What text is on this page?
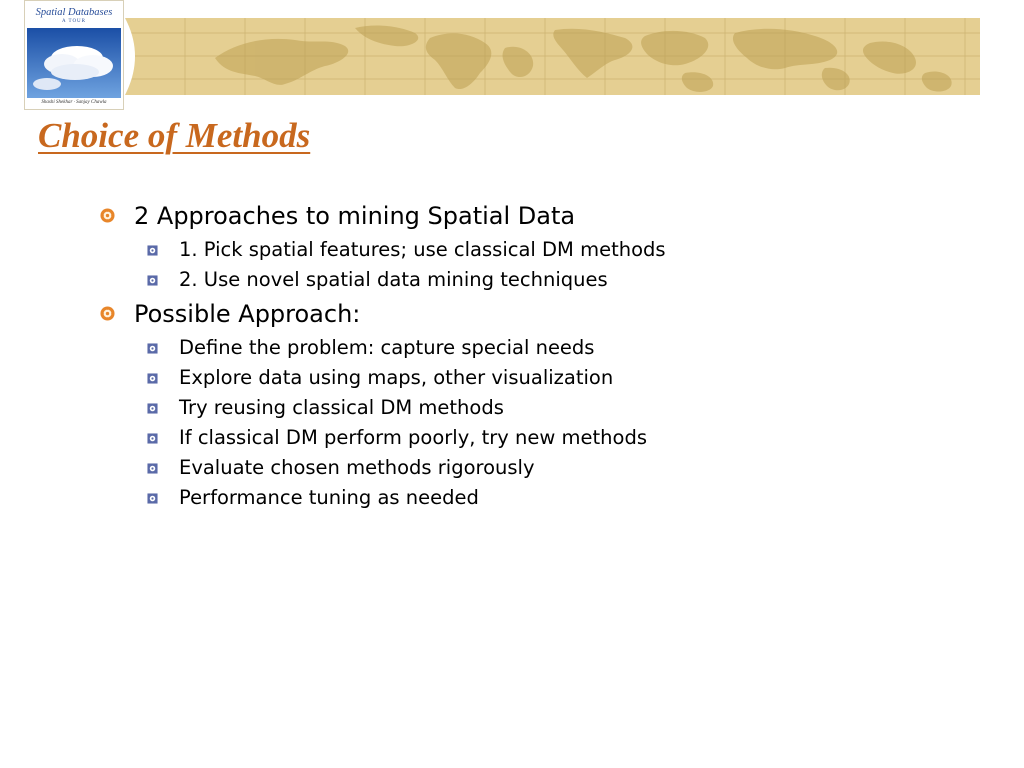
Spatial Databases
A TOUR
Shashi Shekhar · Sanjay Chawla
Choice of Methods
2 Approaches to mining Spatial Data
1. Pick spatial features; use classical DM methods
2. Use novel spatial data mining techniques
Possible Approach:
Define the problem: capture special needs
Explore data using maps, other visualization
Try reusing classical DM methods
If classical DM perform poorly, try new methods
Evaluate chosen methods rigorously
Performance tuning as needed
